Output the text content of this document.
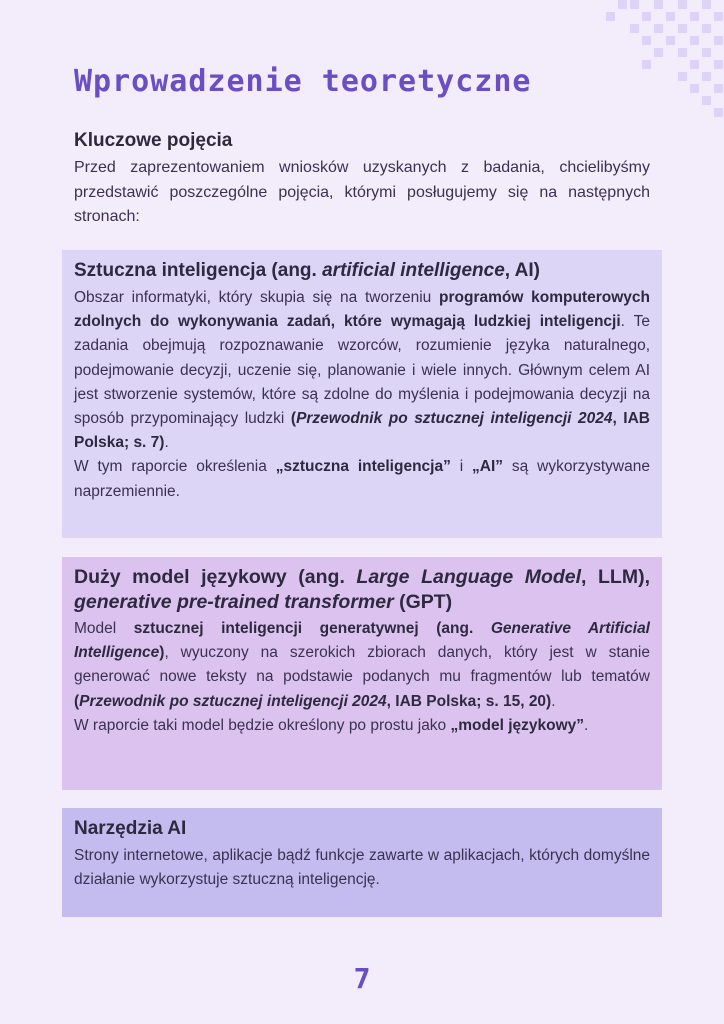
Wprowadzenie teoretyczne
Kluczowe pojęcia

Przed zaprezentowaniem wniosków uzyskanych z badania, chcielibyśmy przedstawić poszczególne pojęcia, którymi posługujemy się na następnych stronach:

Sztuczna inteligencja (ang. artificial intelligence, AI)

Obszar informatyki, który skupia się na tworzeniu programów komputerowych zdolnych do wykonywania zadań, które wymagają ludzkiej inteligencji. Te zadania obejmują rozpoznawanie wzorców, rozumienie języka naturalnego, podejmowanie decyzji, uczenie się, planowanie i wiele innych. Głównym celem AI jest stworzenie systemów, które są zdolne do myślenia i podejmowania decyzji na sposób przypominający ludzki (Przewodnik po sztucznej inteligencji 2024, IAB Polska; s. 7).

W tym raporcie określenia „sztuczna inteligencja” i „AI” są wykorzystywane naprzemiennie.

Duży model językowy (ang. Large Language Model, LLM), generative pre-trained transformer (GPT)

Model sztucznej inteligencji generatywnej (ang. Generative Artificial Intelligence), wyuczony na szerokich zbiorach danych, który jest w stanie generować nowe teksty na podstawie podanych mu fragmentów lub tematów (Przewodnik po sztucznej inteligencji 2024, IAB Polska; s. 15, 20).

W raporcie taki model będzie określony po prostu jako „model językowy”.

Narzędzia AI

Strony internetowe, aplikacje bądź funkcje zawarte w aplikacjach, których domyślne działanie wykorzystuje sztuczną inteligencję.

7
